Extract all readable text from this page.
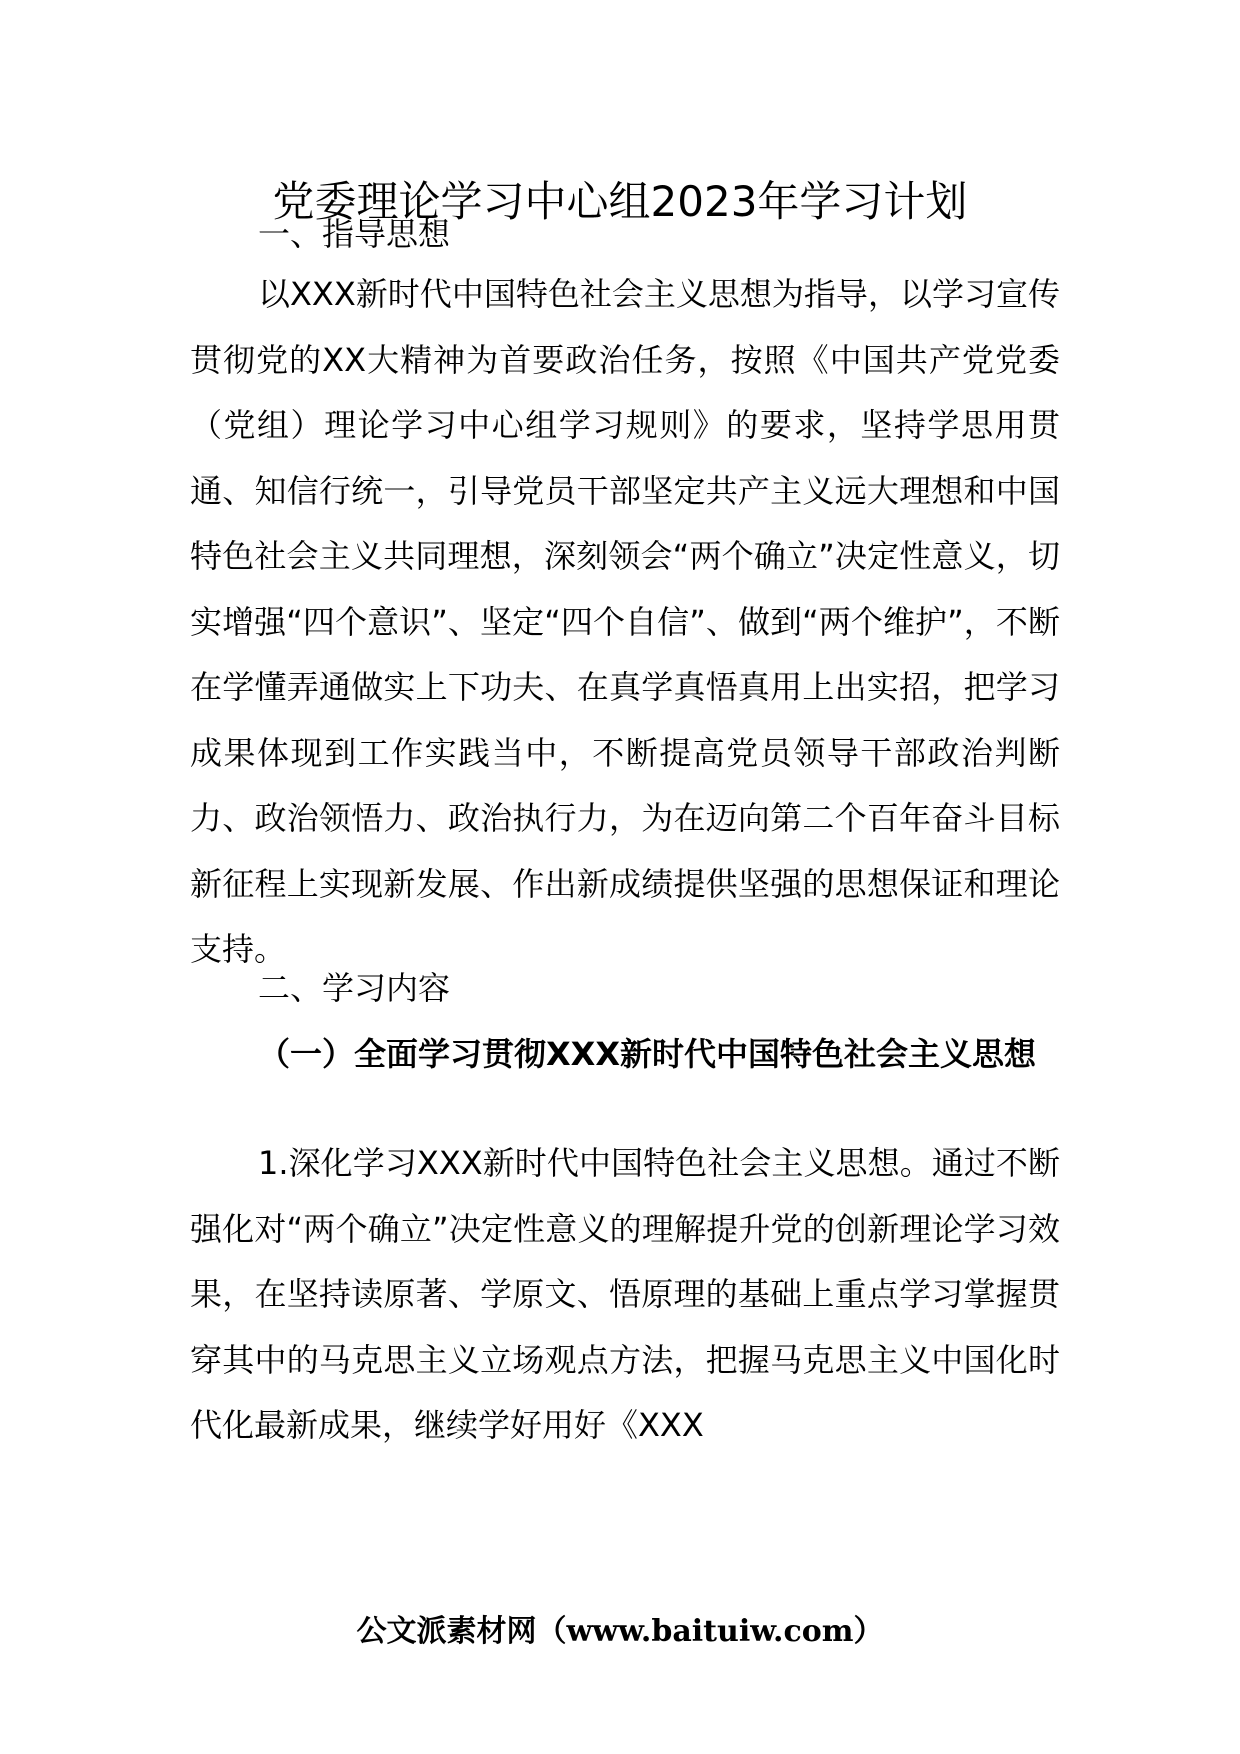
党委理论学习中心组2023年学习计划

一、指导思想

以XXX新时代中国特色社会主义思想为指导，以学习宣传贯彻党的XX大精神为首要政治任务，按照《中国共产党党委（党组）理论学习中心组学习规则》的要求，坚持学思用贯通、知信行统一，引导党员干部坚定共产主义远大理想和中国特色社会主义共同理想，深刻领会“两个确立”决定性意义，切实增强“四个意识”、坚定“四个自信”、做到“两个维护”，不断在学懂弄通做实上下功夫、在真学真悟真用上出实招，把学习成果体现到工作实践当中，不断提高党员领导干部政治判断力、政治领悟力、政治执行力，为在迈向第二个百年奋斗目标新征程上实现新发展、作出新成绩提供坚强的思想保证和理论支持。

二、学习内容

（一）全面学习贯彻XXX新时代中国特色社会主义思想

1.深化学习XXX新时代中国特色社会主义思想。通过不断强化对“两个确立”决定性意义的理解提升党的创新理论学习效果，在坚持读原著、学原文、悟原理的基础上重点学习掌握贯穿其中的马克思主义立场观点方法，把握马克思主义中国化时代化最新成果，继续学好用好《XXX

公文派素材网（www.baituiw.com）
